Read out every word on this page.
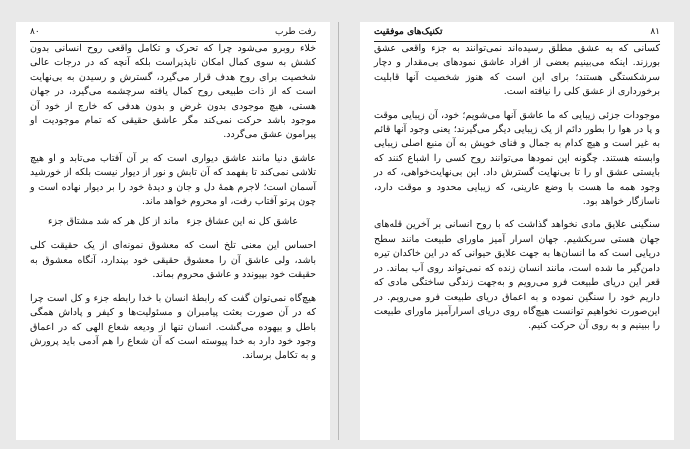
۸۰	رفت طرب

خلاء روبرو می‌شود چرا که تحرک و تکامل واقعی روح انسانی بدون کشش به سوی کمال امکان ناپذیراست بلکه آنچه که در درجات عالی شخصیت برای روح هدف قرار می‌گیرد، گسترش و رسیدن به بی‌نهایت است که از ذات طبیعی روح کمال یافته سرچشمه می‌گیرد، در جهان هستی، هیچ موجودی بدون غرض و بدون هدفی که خارج از خود آن موجود باشد حرکت نمی‌کند مگر عاشق حقیقی که تمام موجودیت او پیرامون عشق می‌گردد.

عاشق دنیا مانند عاشق دیواری است که بر آن آفتاب می‌تابد و او هیچ تلاشی نمی‌کند تا بفهمد که آن تابش و نور از دیوار نیست بلکه از خورشید آسمان است؛ لاجرم همهٔ دل و جان و دیدهٔ خود را بر دیوار نهاده است و چون پرتو آفتاب رفت، او محروم خواهد ماند.

عاشق کل نه این عشاق جزء
ماند از کل هر که شد مشتاق جزء

احساس این معنی تلخ است که معشوق نمونه‌ای از یک حقیقت کلی باشد، ولی عاشق آن را معشوق حقیقی خود بپندارد، آنگاه معشوق به حقیقت خود بپیوندد و عاشق محروم بماند.

هیچ‌گاه نمی‌توان گفت که رابطهٔ انسان با خدا رابطه جزء و کل است چرا که در آن صورت بعثت پیامبران و مسئولیت‌ها و کیفر و پاداش همگی باطل و بیهوده می‌گشت. انسان تنها از ودیعه شعاع الهی که در اعماق وجود خود دارد به خدا پیوسته است که آن شعاع را هم آدمی باید پرورش و به تکامل برساند.

۸۱
تکنیک‌های موفقیت

کسانی که به عشق مطلق رسیده‌اند نمی‌توانند به جزء واقعی عشق بورزند. اینکه می‌بینیم بعضی از افراد عاشق نمودهای بی‌مقدار و دچار سرشکستگی هستند؛ برای این است که هنوز شخصیت آنها قابلیت برخورداری از عشق کلی را نیافته است.

موجودات جزئی زیبایی که ما عاشق آنها می‌شویم؛ خود، آن زیبایی موقت و پا در هوا را بطور دائم از یک زیبایی دیگر می‌گیرند؛ یعنی وجود آنها قائم به غیر است و هیچ کدام به جمال و فنای خویش به آن منبع اصلی زیبایی وابسته هستند. چگونه این نمودها می‌توانند روح کسی را اشباع کنند که بایستی عشق او را تا بی‌نهایت گسترش داد. این بی‌نهایت‌خواهی، که در وجود همه ما هست با وضع عارینی، که زیبایی محدود و موقت دارد، ناسازگار خواهد بود.

سنگینی علایق مادی نخواهد گذاشت که با روح انسانی بر آخرین قله‌های جهان هستی سربکشیم. جهان اسرار آمیز ماورای طبیعت مانند سطح دریایی است که ما انسان‌ها به جهت علایق حیوانی که در این خاکدان تیره دامن‌گیر ما شده است، مانند انسان زنده که نمی‌تواند روی آب بماند. در قعر این دریای طبیعت فرو می‌رویم و به‌جهت زندگی ساختگی مادی که داریم خود را سنگین نموده و به اعماق دریای طبیعت فرو می‌رویم. در این‌صورت نخواهیم توانست هیچ‌گاه روی دریای اسرارآمیز ماورای طبیعت را ببینیم و به روی آن حرکت کنیم.
